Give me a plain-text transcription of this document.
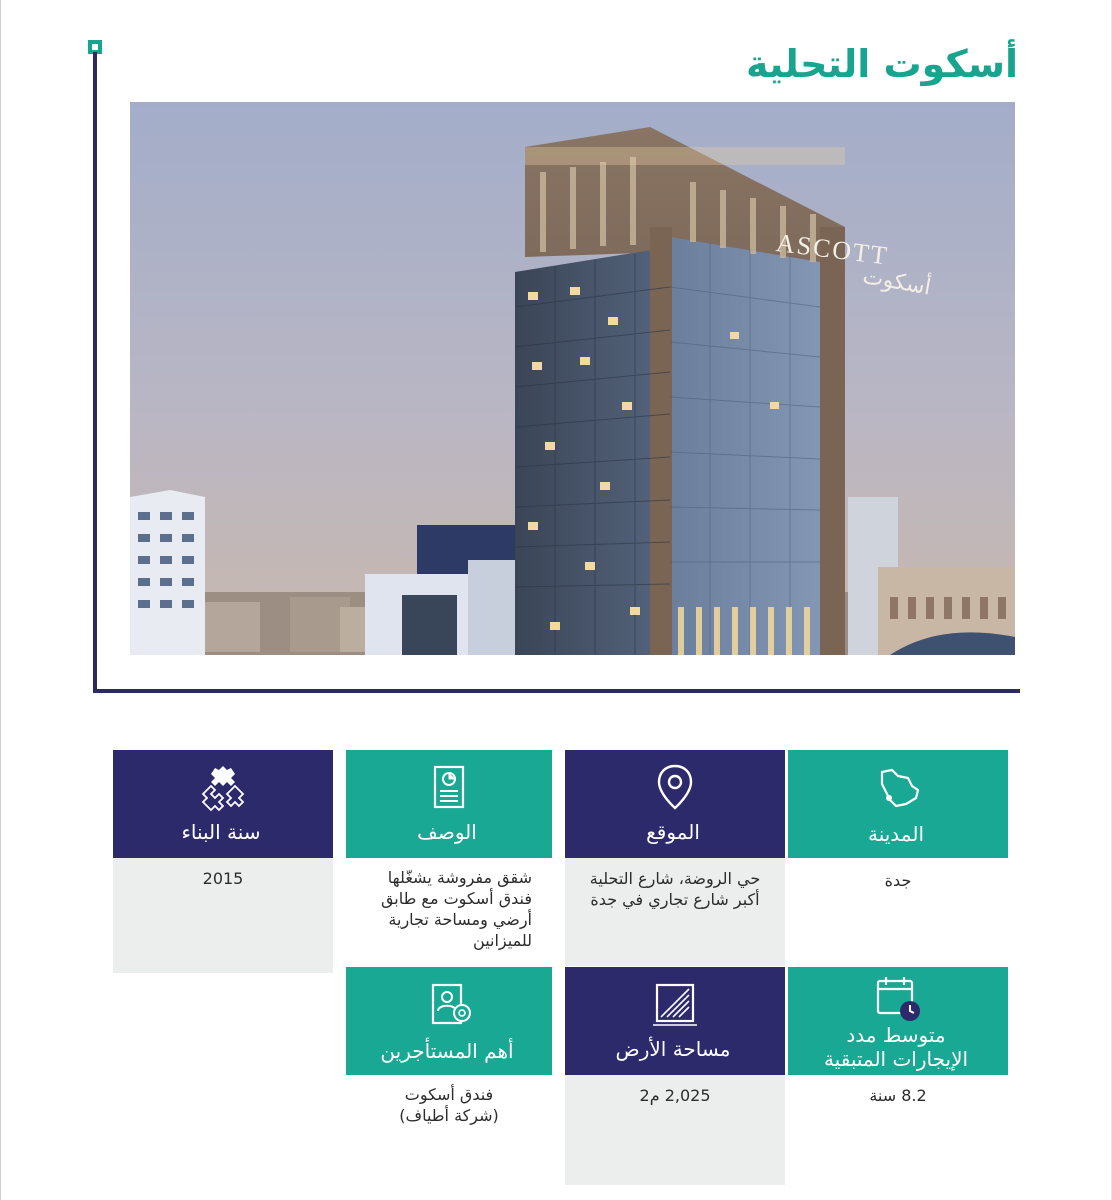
أسكوت التحلية
ASCOTT
أسكوت
المدينة
جدة
الموقع
حي الروضة، شارع التحلية
أكبر شارع تجاري في جدة
الوصف
شقق مفروشة يشغّلها
فندق أسكوت مع طابق
أرضي ومساحة تجارية
للميزانين
سنة البناء
2015
متوسط مدد
الإيجارات المتبقية
8.2 سنة
مساحة الأرض
2,025 م2
أهم المستأجرين
فندق أسكوت
(شركة أطياف)
